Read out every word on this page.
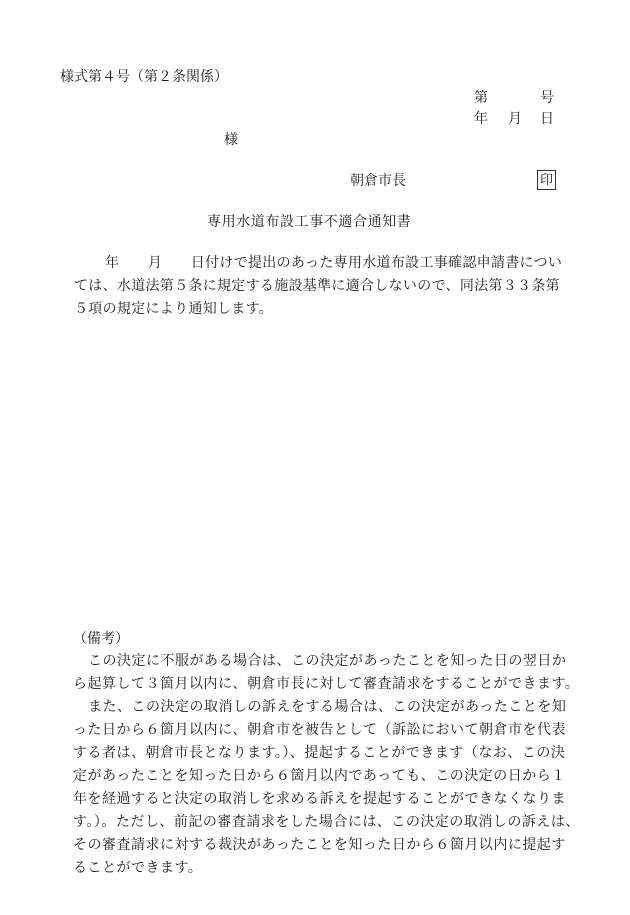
様式第４号（第２条関係）
第	号
年 月 日
様
朝倉市長	印
専用水道布設工事不適合通知書
年　　月　　日付けで提出のあった専用水道布設工事確認申請書につい
ては、水道法第５条に規定する施設基準に適合しないので、同法第３３条第
５項の規定により通知します。
（備考）
この決定に不服がある場合は、この決定があったことを知った日の翌日か
ら起算して３箇月以内に、朝倉市長に対して審査請求をすることができます。
また、この決定の取消しの訴えをする場合は、この決定があったことを知
った日から６箇月以内に、朝倉市を被告として（訴訟において朝倉市を代表
する者は、朝倉市長となります。）、提起することができます（なお、この決
定があったことを知った日から６箇月以内であっても、この決定の日から１
年を経過すると決定の取消しを求める訴えを提起することができなくなりま
す。）。ただし、前記の審査請求をした場合には、この決定の取消しの訴えは、
その審査請求に対する裁決があったことを知った日から６箇月以内に提起す
ることができます。
